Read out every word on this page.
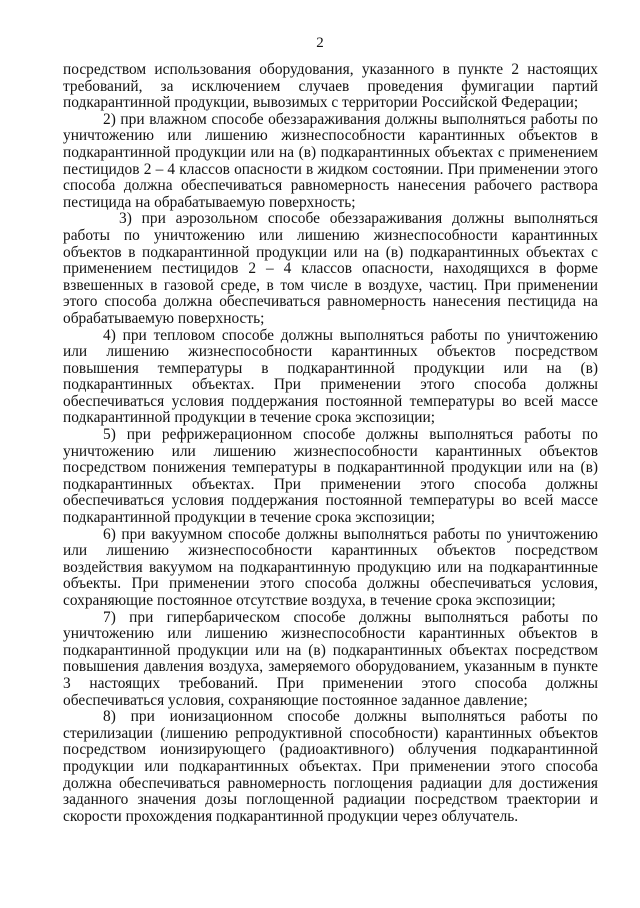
2

посредством использования оборудования, указанного в пункте 2 настоящих требований, за исключением случаев проведения фумигации партий подкарантинной продукции, вывозимых с территории Российской Федерации;

2) при влажном способе обеззараживания должны выполняться работы по уничтожению или лишению жизнеспособности карантинных объектов в подкарантинной продукции или на (в) подкарантинных объектах с применением пестицидов 2 – 4 классов опасности в жидком состоянии. При применении этого способа должна обеспечиваться равномерность нанесения рабочего раствора пестицида на обрабатываемую поверхность;

3) при аэрозольном способе обеззараживания должны выполняться работы по уничтожению или лишению жизнеспособности карантинных объектов в подкарантинной продукции или на (в) подкарантинных объектах с применением пестицидов 2 – 4 классов опасности, находящихся в форме взвешенных в газовой среде, в том числе в воздухе, частиц. При применении этого способа должна обеспечиваться равномерность нанесения пестицида на обрабатываемую поверхность;

4) при тепловом способе должны выполняться работы по уничтожению или лишению жизнеспособности карантинных объектов посредством повышения температуры в подкарантинной продукции или на (в) подкарантинных объектах. При применении этого способа должны обеспечиваться условия поддержания постоянной температуры во всей массе подкарантинной продукции в течение срока экспозиции;

5) при рефрижерационном способе должны выполняться работы по уничтожению или лишению жизнеспособности карантинных объектов посредством понижения температуры в подкарантинной продукции или на (в) подкарантинных объектах. При применении этого способа должны обеспечиваться условия поддержания постоянной температуры во всей массе подкарантинной продукции в течение срока экспозиции;

6) при вакуумном способе должны выполняться работы по уничтожению или лишению жизнеспособности карантинных объектов посредством воздействия вакуумом на подкарантинную продукцию или на подкарантинные объекты. При применении этого способа должны обеспечиваться условия, сохраняющие постоянное отсутствие воздуха, в течение срока экспозиции;

7) при гипербарическом способе должны выполняться работы по уничтожению или лишению жизнеспособности карантинных объектов в подкарантинной продукции или на (в) подкарантинных объектах посредством повышения давления воздуха, замеряемого оборудованием, указанным в пункте 3 настоящих требований. При применении этого способа должны обеспечиваться условия, сохраняющие постоянное заданное давление;

8) при ионизационном способе должны выполняться работы по стерилизации (лишению репродуктивной способности) карантинных объектов посредством ионизирующего (радиоактивного) облучения подкарантинной продукции или подкарантинных объектах. При применении этого способа должна обеспечиваться равномерность поглощения радиации для достижения заданного значения дозы поглощенной радиации посредством траектории и скорости прохождения подкарантинной продукции через облучатель.
